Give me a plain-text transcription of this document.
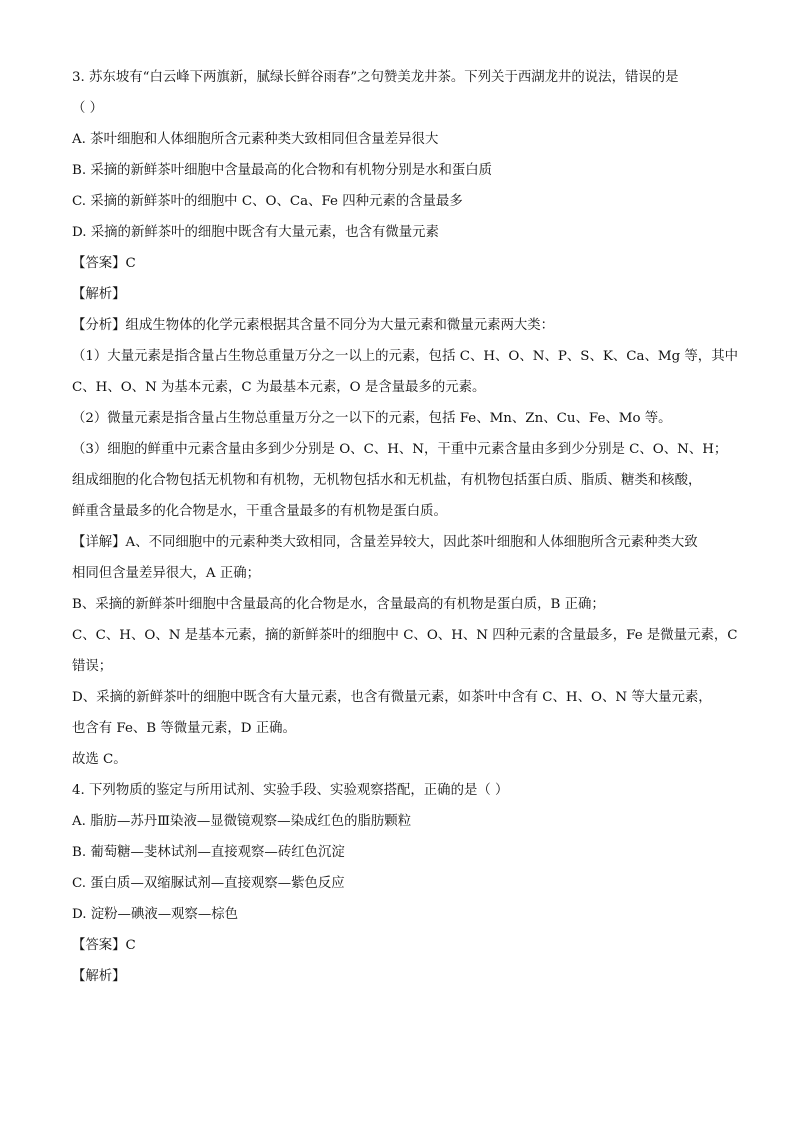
3. 苏东坡有“白云峰下两旗新，腻绿长鲜谷雨春”之句赞美龙井茶。下列关于西湖龙井的说法，错误的是
（ ）
A. 茶叶细胞和人体细胞所含元素种类大致相同但含量差异很大
B. 采摘的新鲜茶叶细胞中含量最高的化合物和有机物分别是水和蛋白质
C. 采摘的新鲜茶叶的细胞中 C、O、Ca、Fe 四种元素的含量最多
D. 采摘的新鲜茶叶的细胞中既含有大量元素，也含有微量元素
【答案】C
【解析】
【分析】组成生物体的化学元素根据其含量不同分为大量元素和微量元素两大类：
（1）大量元素是指含量占生物总重量万分之一以上的元素，包括 C、H、O、N、P、S、K、Ca、Mg 等，其中
C、H、O、N 为基本元素，C 为最基本元素，O 是含量最多的元素。
（2）微量元素是指含量占生物总重量万分之一以下的元素，包括 Fe、Mn、Zn、Cu、Fe、Mo 等。
（3）细胞的鲜重中元素含量由多到少分别是 O、C、H、N，干重中元素含量由多到少分别是 C、O、N、H；
组成细胞的化合物包括无机物和有机物，无机物包括水和无机盐，有机物包括蛋白质、脂质、糖类和核酸，
鲜重含量最多的化合物是水，干重含量最多的有机物是蛋白质。
【详解】A、不同细胞中的元素种类大致相同，含量差异较大，因此茶叶细胞和人体细胞所含元素种类大致
相同但含量差异很大，A 正确；
B、采摘的新鲜茶叶细胞中含量最高的化合物是水，含量最高的有机物是蛋白质，B 正确；
C、C、H、O、N 是基本元素，摘的新鲜茶叶的细胞中 C、O、H、N 四种元素的含量最多，Fe 是微量元素，C
错误；
D、采摘的新鲜茶叶的细胞中既含有大量元素，也含有微量元素，如茶叶中含有 C、H、O、N 等大量元素，
也含有 Fe、B 等微量元素，D 正确。
故选 C。
4. 下列物质的鉴定与所用试剂、实验手段、实验观察搭配，正确的是（ ）
A. 脂肪—苏丹Ⅲ染液—显微镜观察—染成红色的脂肪颗粒
B. 葡萄糖—斐林试剂—直接观察—砖红色沉淀
C. 蛋白质—双缩脲试剂—直接观察—紫色反应
D. 淀粉—碘液—观察—棕色
【答案】C
【解析】
